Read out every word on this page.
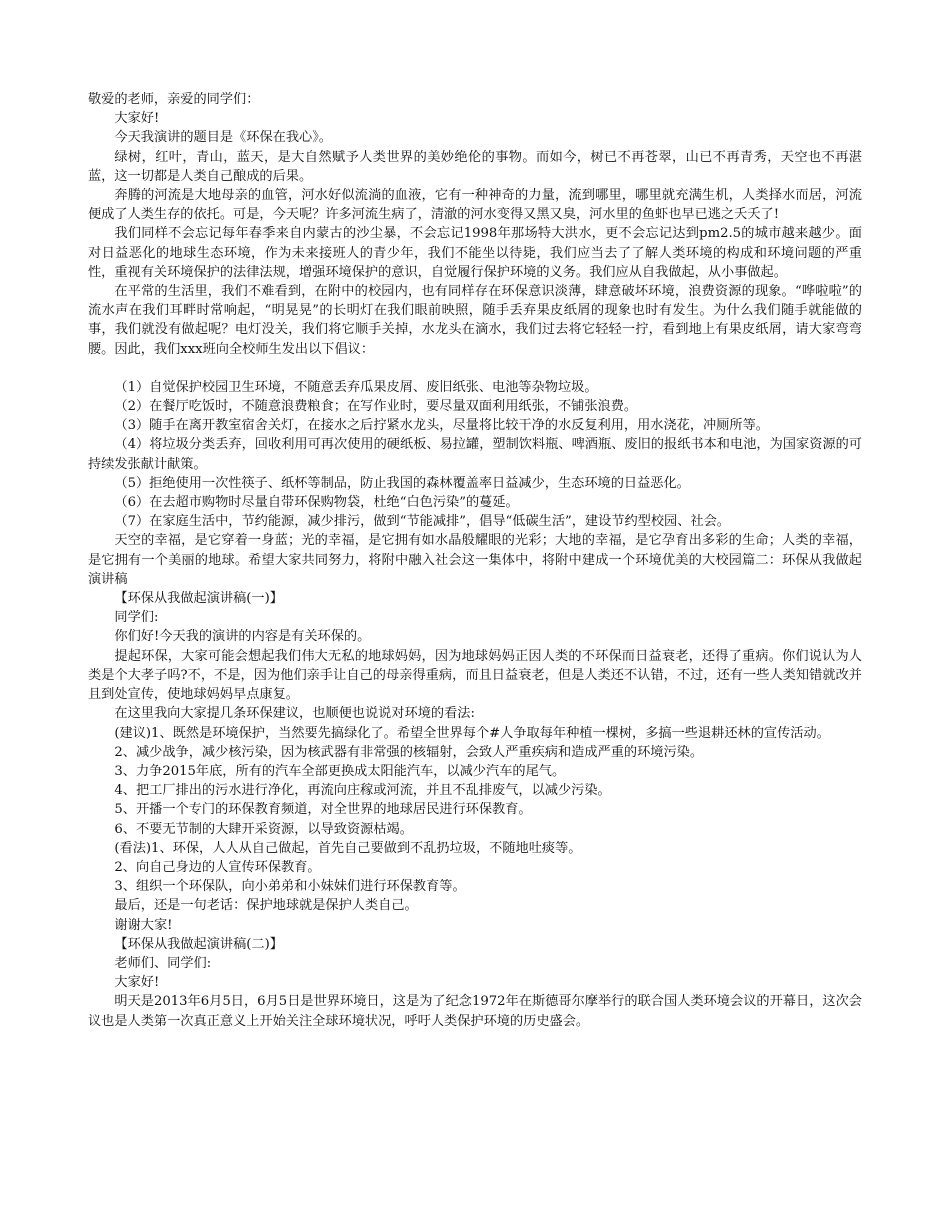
敬爱的老师，亲爱的同学们：

大家好!

今天我演讲的题目是《环保在我心》。

绿树，红叶，青山，蓝天，是大自然赋予人类世界的美妙绝伦的事物。而如今，树已不再苍翠，山已不再青秀，天空也不再湛蓝，这一切都是人类自己酿成的后果。

奔腾的河流是大地母亲的血管，河水好似流淌的血液，它有一种神奇的力量，流到哪里，哪里就充满生机，人类择水而居，河流便成了人类生存的依托。可是，今天呢？许多河流生病了，清澈的河水变得又黑又臭，河水里的鱼虾也早已逃之夭夭了!

我们同样不会忘记每年春季来自内蒙古的沙尘暴，不会忘记1998年那场特大洪水，更不会忘记达到pm2.5的城市越来越少。面对日益恶化的地球生态环境，作为未来接班人的青少年，我们不能坐以待毙，我们应当去了了解人类环境的构成和环境问题的严重性，重视有关环境保护的法律法规，增强环境保护的意识，自觉履行保护环境的义务。我们应从自我做起，从小事做起。

在平常的生活里，我们不难看到，在附中的校园内，也有同样存在环保意识淡薄，肆意破坏环境，浪费资源的现象。“哗啦啦”的流水声在我们耳畔时常响起，“明晃晃”的长明灯在我们眼前映照，随手丢弃果皮纸屑的现象也时有发生。为什么我们随手就能做的事，我们就没有做起呢？电灯没关，我们将它顺手关掉，水龙头在滴水，我们过去将它轻轻一拧，看到地上有果皮纸屑，请大家弯弯腰。因此，我们xxx班向全校师生发出以下倡议：

（1）自觉保护校园卫生环境，不随意丢弃瓜果皮屑、废旧纸张、电池等杂物垃圾。

（2）在餐厅吃饭时，不随意浪费粮食；在写作业时，要尽量双面利用纸张，不铺张浪费。

（3）随手在离开教室宿舍关灯，在接水之后拧紧水龙头，尽量将比较干净的水反复利用，用水浇花，冲厕所等。

（4）将垃圾分类丢弃，回收利用可再次使用的硬纸板、易拉罐，塑制饮料瓶、啤酒瓶、废旧的报纸书本和电池，为国家资源的可持续发张献计献策。

（5）拒绝使用一次性筷子、纸杯等制品，防止我国的森林覆盖率日益减少，生态环境的日益恶化。

（6）在去超市购物时尽量自带环保购物袋，杜绝“白色污染”的蔓延。

（7）在家庭生活中，节约能源，减少排污，做到“节能减排”，倡导“低碳生活”，建设节约型校园、社会。

天空的幸福，是它穿着一身蓝；光的幸福，是它拥有如水晶般耀眼的光彩；大地的幸福，是它孕育出多彩的生命；人类的幸福，是它拥有一个美丽的地球。希望大家共同努力，将附中融入社会这一集体中，将附中建成一个环境优美的大校园篇二：环保从我做起演讲稿

【环保从我做起演讲稿(一)】

同学们:

你们好!今天我的演讲的内容是有关环保的。

提起环保，大家可能会想起我们伟大无私的地球妈妈，因为地球妈妈正因人类的不环保而日益衰老，还得了重病。你们说认为人类是个大孝子吗?不，不是，因为他们亲手让自己的母亲得重病，而且日益衰老，但是人类还不认错，不过，还有一些人类知错就改并且到处宣传，使地球妈妈早点康复。

在这里我向大家提几条环保建议，也顺便也说说对环境的看法:

(建议)1、既然是环境保护，当然要先搞绿化了。希望全世界每个#人争取每年种植一棵树，多搞一些退耕还林的宣传活动。

2、减少战争，减少核污染，因为核武器有非常强的核辐射，会致人严重疾病和造成严重的环境污染。

3、力争2015年底，所有的汽车全部更换成太阳能汽车，以减少汽车的尾气。

4、把工厂排出的污水进行净化，再流向庄稼或河流，并且不乱排废气，以减少污染。

5、开播一个专门的环保教育频道，对全世界的地球居民进行环保教育。

6、不要无节制的大肆开采资源，以导致资源枯竭。

(看法)1、环保，人人从自己做起，首先自己要做到不乱扔垃圾，不随地吐痰等。

2、向自己身边的人宣传环保教育。

3、组织一个环保队，向小弟弟和小妹妹们进行环保教育等。

最后，还是一句老话：保护地球就是保护人类自己。

谢谢大家!

【环保从我做起演讲稿(二)】

老师们、同学们:

大家好!

明天是2013年6月5日，6月5日是世界环境日，这是为了纪念1972年在斯德哥尔摩举行的联合国人类环境会议的开幕日，这次会议也是人类第一次真正意义上开始关注全球环境状况，呼吁人类保护环境的历史盛会。
